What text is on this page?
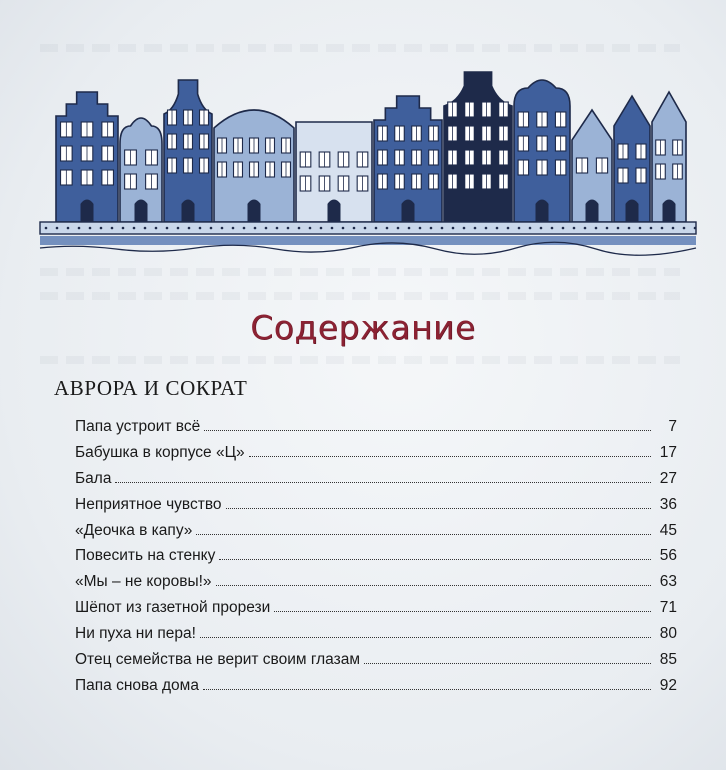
Содержание
АВРОРА И СОКРАТ
Папа устроит всё	7
Бабушка в корпусе «Ц»	17
Бала	27
Неприятное чувство	36
«Деочка в капу»	45
Повесить на стенку	56
«Мы – не коровы!»	63
Шёпот из газетной прорези	71
Ни пуха ни пера!	80
Отец семейства не верит своим глазам	85
Папа снова дома	92
